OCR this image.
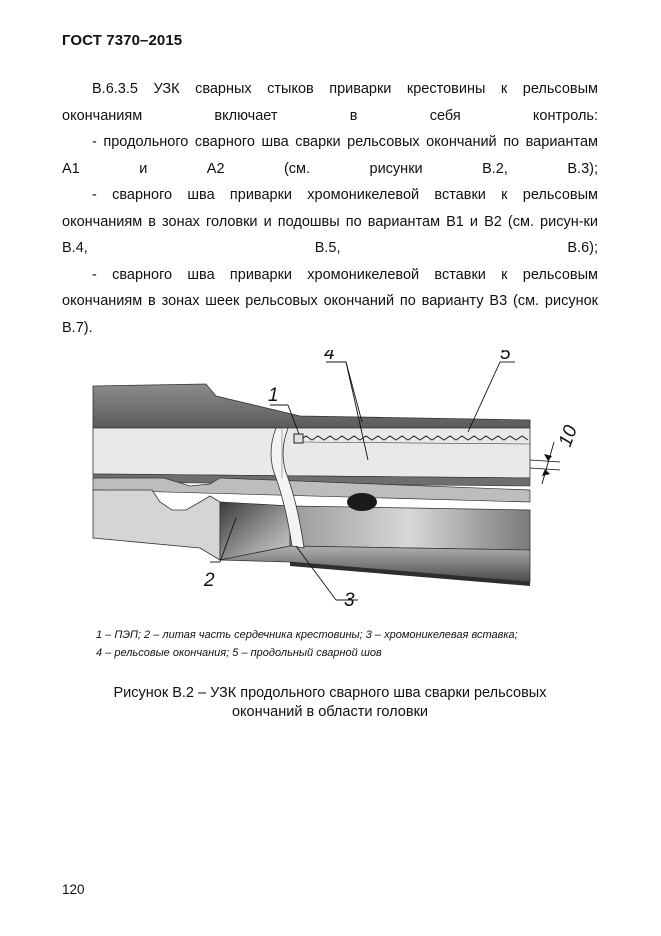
ГОСТ 7370–2015

В.6.3.5 УЗК сварных стыков приварки крестовины к рельсовым окончаниям включает в себя контроль:

- продольного сварного шва сварки рельсовых окончаний по вариантам А1 и А2 (см. рисунки В.2, В.3);

- сварного шва приварки хромоникелевой вставки к рельсовым окончаниям в зонах головки и подошвы по вариантам В1 и В2 (см. рисун-ки В.4, В.5, В.6);

- сварного шва приварки хромоникелевой вставки к рельсовым окончаниям в зонах шеек рельсовых окончаний по варианту В3 (см. рисунок В.7).

10
1
4	5
2
3
1 – ПЭП; 2 – литая часть сердечника крестовины; 3 – хромоникелевая вставка;
4 – рельсовые окончания; 5 – продольный сварной шов
Рисунок В.2 – УЗК продольного сварного шва сварки рельсовых
окончаний в области головки
120
